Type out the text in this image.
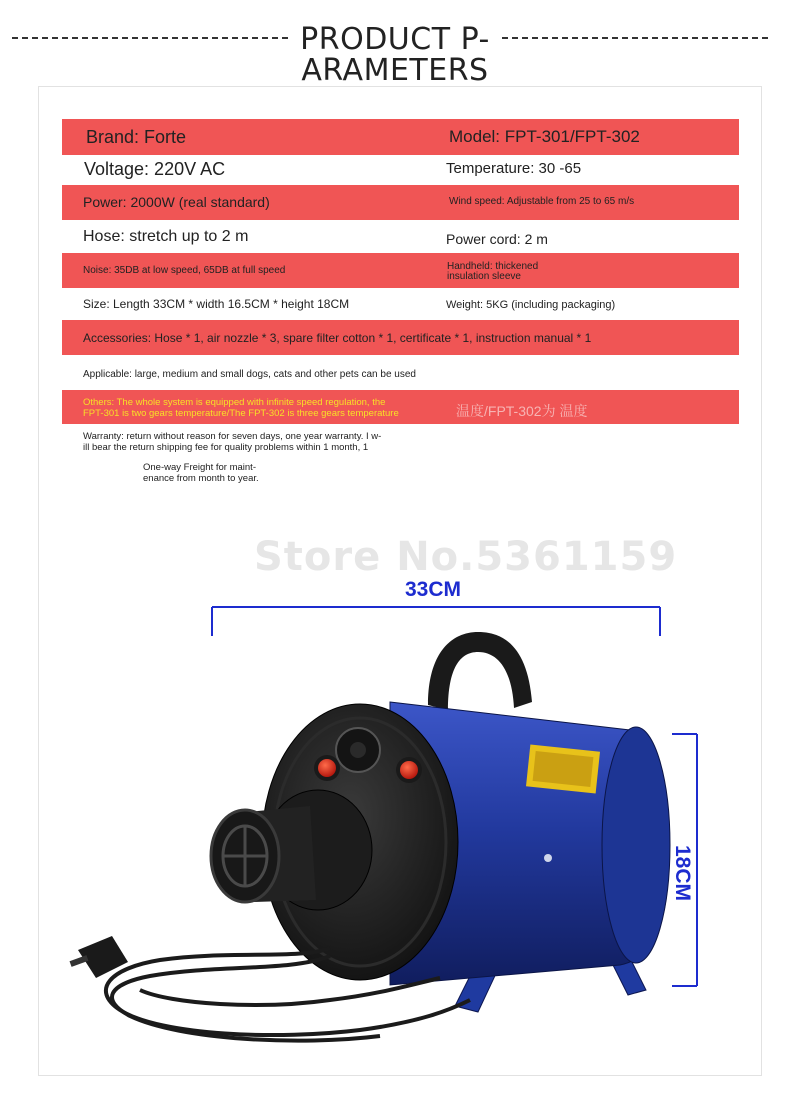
PRODUCT P-
ARAMETERS
Brand: Forte	Model: FPT-301/FPT-302
Voltage: 220V AC	Temperature: 30 -65
Power: 2000W (real standard)	Wind speed: Adjustable from 25 to 65 m/s
Hose: stretch up to 2 m	Power cord: 2 m
Noise: 35DB at low speed, 65DB at full speed	Handheld: thickened
insulation sleeve
Size: Length 33CM * width 16.5CM * height 18CM	Weight: 5KG (including packaging)
Accessories: Hose * 1, air nozzle * 3, spare filter cotton * 1, certificate * 1, instruction manual * 1
Applicable: large, medium and small dogs, cats and other pets can be used
Others: The whole system is equipped with infinite speed regulation, the
FPT-301 is two gears temperature/The FPT-302 is three gears temperature	温度/FPT-302为 温度
Warranty: return without reason for seven days, one year warranty. I w-
ill bear the return shipping fee for quality problems within 1 month, 1
One-way Freight for maint-
enance from month to year.
Store No.5361159
33CM
18CM
